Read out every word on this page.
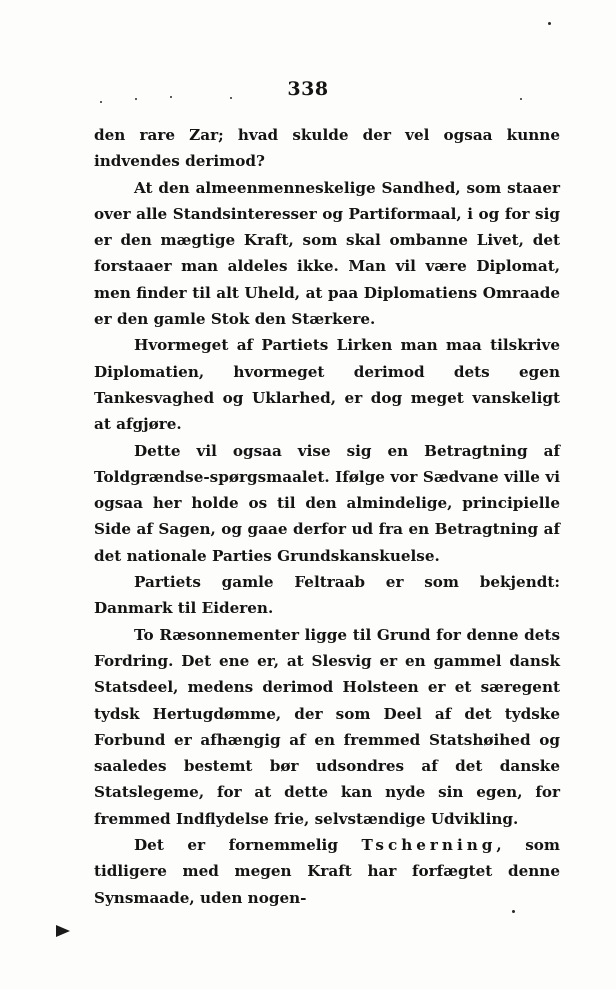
338

den rare Zar; hvad skulde der vel ogsaa kunne indvendes derimod?

At den almeenmenneskelige Sandhed, som staaer over alle Standsinteresser og Partiformaal, i og for sig er den mægtige Kraft, som skal ombanne Livet, det forstaaer man aldeles ikke. Man vil være Diplomat, men finder til alt Uheld, at paa Diplomatiens Omraade er den gamle Stok den Stærkere.

Hvormeget af Partiets Lirken man maa tilskrive Diplomatien, hvormeget derimod dets egen Tankesvaghed og Uklarhed, er dog meget vanskeligt at afgjøre.

Dette vil ogsaa vise sig en Betragtning af Toldgrændse-spørgsmaalet. Ifølge vor Sædvane ville vi ogsaa her holde os til den almindelige, principielle Side af Sagen, og gaae derfor ud fra en Betragtning af det nationale Parties Grundskanskuelse.

Partiets gamle Feltraab er som bekjendt: Danmark til Eideren.

To Ræsonnementer ligge til Grund for denne dets Fordring. Det ene er, at Slesvig er en gammel dansk Statsdeel, medens derimod Holsteen er et særegent tydsk Hertugdømme, der som Deel af det tydske Forbund er afhængig af en fremmed Statshøihed og saaledes bestemt bør udsondres af det danske Statslegeme, for at dette kan nyde sin egen, for fremmed Indflydelse frie, selvstændige Udvikling.

Det er fornemmelig Tscherning, som tidligere med megen Kraft har forfægtet denne Synsmaade, uden nogen-
